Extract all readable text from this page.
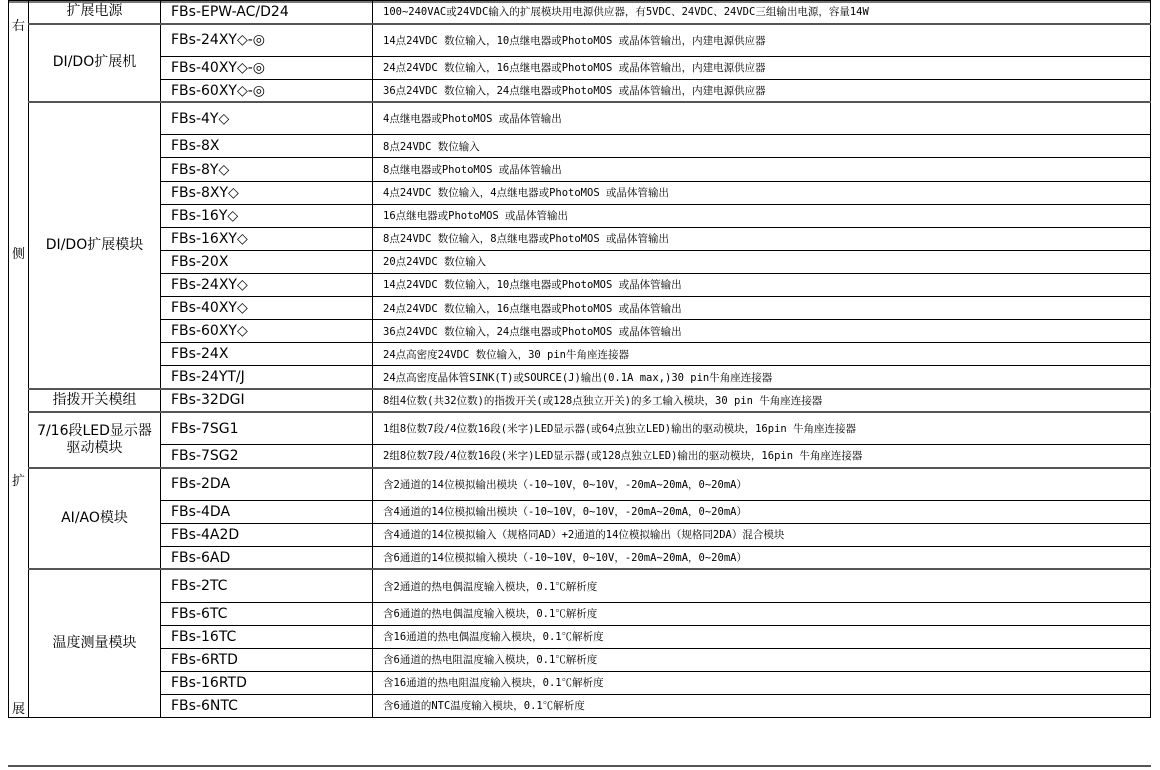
右
侧
扩
展	扩展电源	FBs-EPW-AC/D24	100~240VAC或24VDC输入的扩展模块用电源供应器，有5VDC、24VDC、24VDC三组输出电源，容量14W

	DI/DO扩展机	FBs-24XY◇-◎	14点24VDC 数位输入，10点继电器或PhotoMOS 或晶体管输出，内建电源供应器
		FBs-40XY◇-◎	24点24VDC 数位输入，16点继电器或PhotoMOS 或晶体管输出，内建电源供应器
		FBs-60XY◇-◎	36点24VDC 数位输入，24点继电器或PhotoMOS 或晶体管输出，内建电源供应器

	DI/DO扩展模块	FBs-4Y◇	4点继电器或PhotoMOS 或晶体管输出
		FBs-8X	8点24VDC 数位输入
		FBs-8Y◇	8点继电器或PhotoMOS 或晶体管输出
		FBs-8XY◇	4点24VDC 数位输入，4点继电器或PhotoMOS 或晶体管输出
		FBs-16Y◇	16点继电器或PhotoMOS 或晶体管输出
		FBs-16XY◇	8点24VDC 数位输入，8点继电器或PhotoMOS 或晶体管输出
		FBs-20X	20点24VDC 数位输入
		FBs-24XY◇	14点24VDC 数位输入，10点继电器或PhotoMOS 或晶体管输出
		FBs-40XY◇	24点24VDC 数位输入，16点继电器或PhotoMOS 或晶体管输出
		FBs-60XY◇	36点24VDC 数位输入，24点继电器或PhotoMOS 或晶体管输出
		FBs-24X	24点高密度24VDC 数位输入，30 pin牛角座连接器
		FBs-24YT/J	24点高密度晶体管SINK(T)或SOURCE(J)输出(0.1A max,)30 pin牛角座连接器

	指拨开关模组	FBs-32DGI	8组4位数(共32位数)的指拨开关(或128点独立开关)的多工输入模块，30 pin 牛角座连接器

	7/16段LED显示器
驱动模块	FBs-7SG1	1组8位数7段/4位数16段(米字)LED显示器(或64点独立LED)输出的驱动模块，16pin 牛角座连接器
		FBs-7SG2	2组8位数7段/4位数16段(米字)LED显示器(或128点独立LED)输出的驱动模块，16pin 牛角座连接器

	AI/AO模块	FBs-2DA	含2通道的14位模拟输出模块（-10~10V，0~10V，-20mA~20mA，0~20mA）
		FBs-4DA	含4通道的14位模拟输出模块（-10~10V，0~10V，-20mA~20mA，0~20mA）
		FBs-4A2D	含4通道的14位模拟输入（规格同AD）+2通道的14位模拟输出（规格同2DA）混合模块
		FBs-6AD	含6通道的14位模拟输入模块（-10~10V，0~10V，-20mA~20mA，0~20mA）

	温度测量模块	FBs-2TC	含2通道的热电偶温度输入模块，0.1℃解析度
		FBs-6TC	含6通道的热电偶温度输入模块，0.1℃解析度
		FBs-16TC	含16通道的热电偶温度输入模块，0.1℃解析度
		FBs-6RTD	含6通道的热电阻温度输入模块，0.1℃解析度
		FBs-16RTD	含16通道的热电阻温度输入模块，0.1℃解析度
		FBs-6NTC	含6通道的NTC温度输入模块，0.1℃解析度
